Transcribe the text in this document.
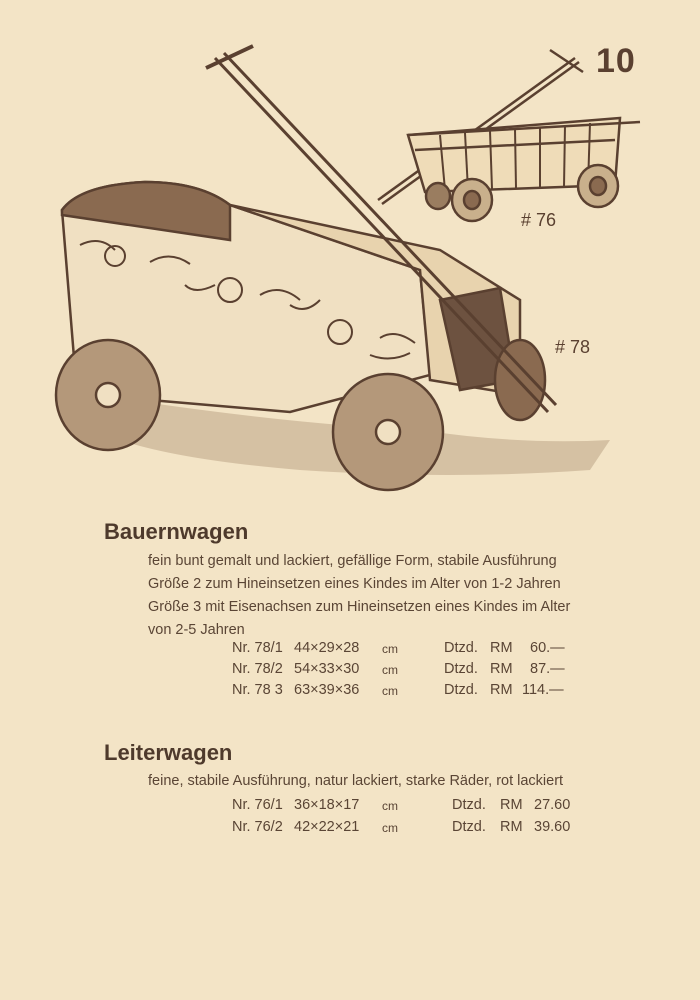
10
# 76
# 78
Bauernwagen
fein bunt gemalt und lackiert, gefällige Form, stabile Ausführung
Größe 2 zum Hineinsetzen eines Kindes im Alter von 1-2 Jahren
Größe 3 mit Eisenachsen zum Hineinsetzen eines Kindes im Alter
von 2-5 Jahren
Nr. 78/1 44×29×28 cm	Dtzd. RM 60.—
Nr. 78/2 54×33×30 cm	Dtzd. RM 87.—
Nr. 78 3 63×39×36 cm	Dtzd. RM 114.—
Leiterwagen
feine, stabile Ausführung, natur lackiert, starke Räder, rot lackiert
Nr. 76/1 36×18×17 cm	Dtzd. RM 27.60
Nr. 76/2 42×22×21 cm	Dtzd. RM 39.60
